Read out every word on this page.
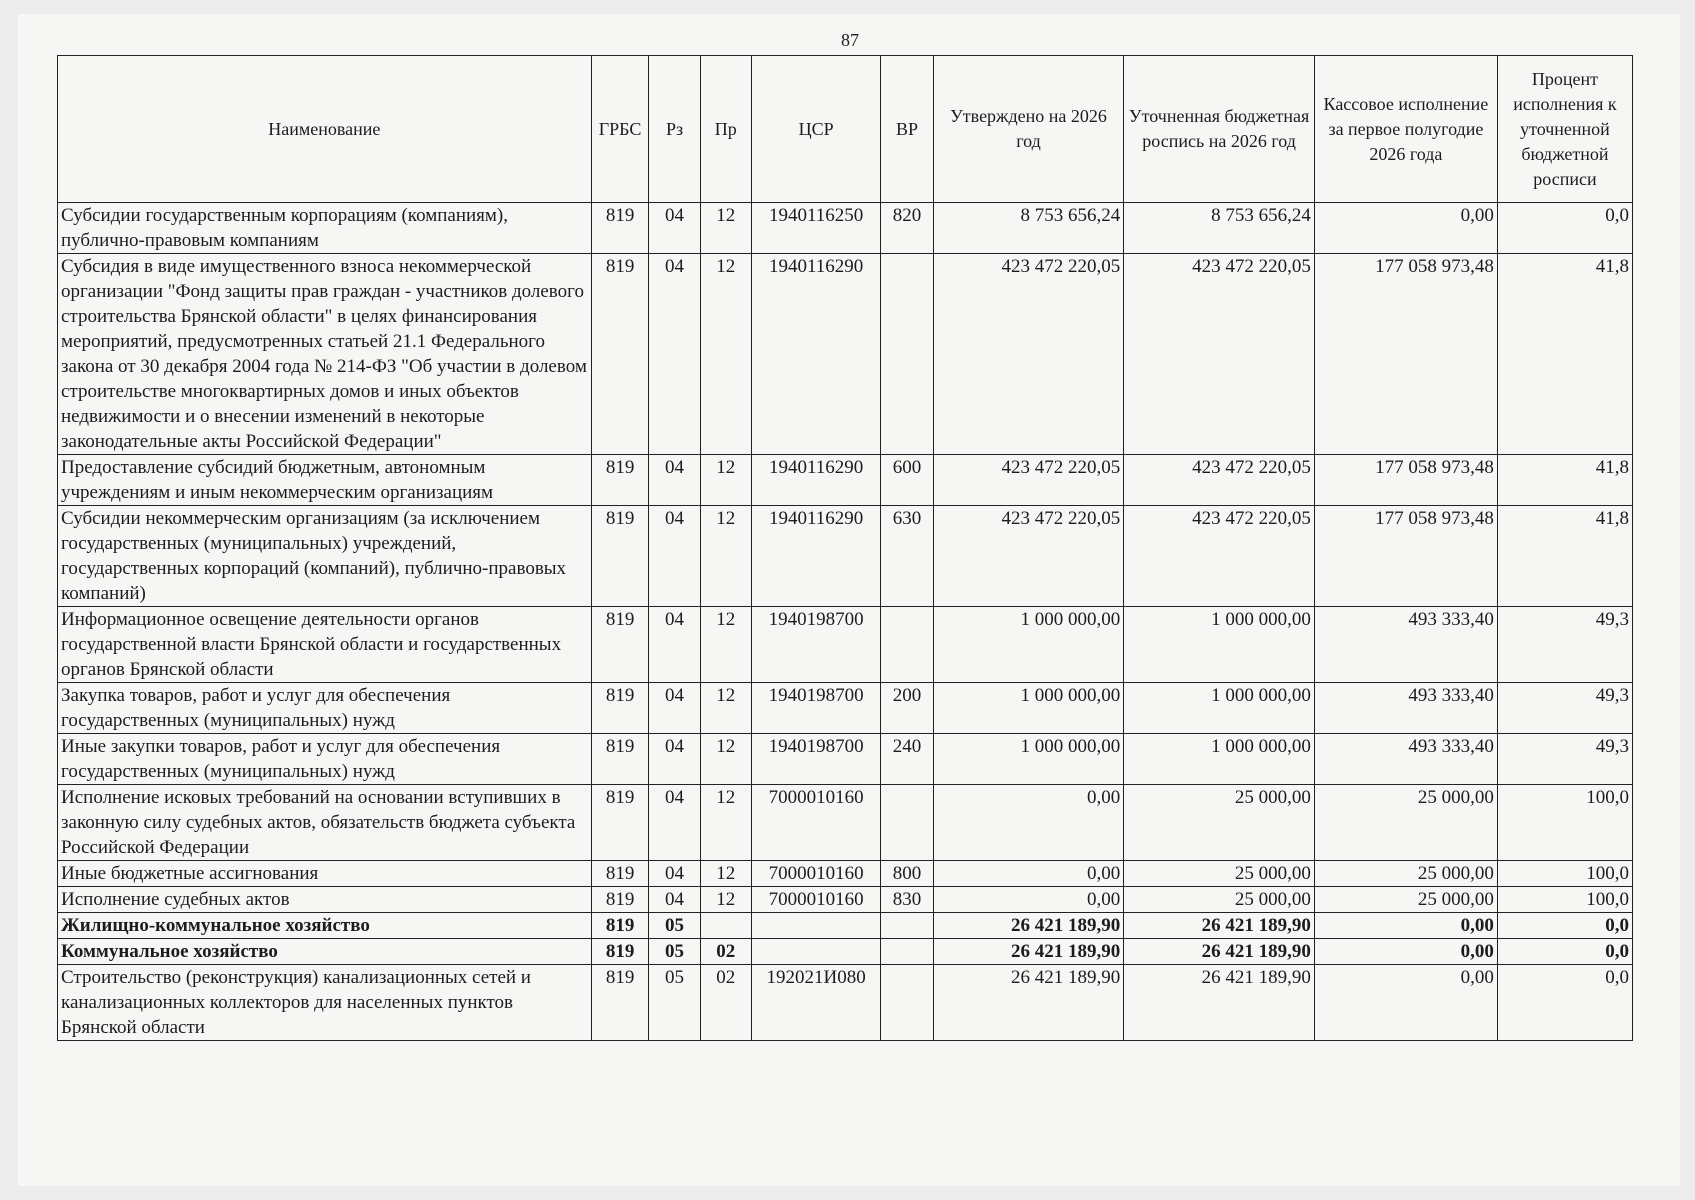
87
Наименование	ГРБС	Рз	Пр	ЦСР	ВР	Утверждено на 2026 год	Уточненная бюджетная роспись на 2026 год	Кассовое исполнение за первое полугодие 2026 года	Процент исполнения к уточненной бюджетной росписи
Субсидии государственным корпорациям (компаниям), публично-правовым компаниям	819	04	12	1940116250	820	8 753 656,24	8 753 656,24	0,00	0,0
Субсидия в виде имущественного взноса некоммерческой организации "Фонд защиты прав граждан - участников долевого строительства Брянской области" в целях финансирования мероприятий, предусмотренных статьей 21.1 Федерального закона от 30 декабря 2004 года № 214-ФЗ "Об участии в долевом строительстве многоквартирных домов и иных объектов недвижимости и о внесении изменений в некоторые законодательные акты Российской Федерации"	819	04	12	1940116290		423 472 220,05	423 472 220,05	177 058 973,48	41,8
Предоставление субсидий бюджетным, автономным учреждениям и иным некоммерческим организациям	819	04	12	1940116290	600	423 472 220,05	423 472 220,05	177 058 973,48	41,8
Субсидии некоммерческим организациям (за исключением государственных (муниципальных) учреждений, государственных корпораций (компаний), публично-правовых компаний)	819	04	12	1940116290	630	423 472 220,05	423 472 220,05	177 058 973,48	41,8
Информационное освещение деятельности органов государственной власти Брянской области и государственных органов Брянской области	819	04	12	1940198700		1 000 000,00	1 000 000,00	493 333,40	49,3
Закупка товаров, работ и услуг для обеспечения государственных (муниципальных) нужд	819	04	12	1940198700	200	1 000 000,00	1 000 000,00	493 333,40	49,3
Иные закупки товаров, работ и услуг для обеспечения государственных (муниципальных) нужд	819	04	12	1940198700	240	1 000 000,00	1 000 000,00	493 333,40	49,3
Исполнение исковых требований на основании вступивших в законную силу судебных актов, обязательств бюджета субъекта Российской Федерации	819	04	12	7000010160		0,00	25 000,00	25 000,00	100,0
Иные бюджетные ассигнования	819	04	12	7000010160	800	0,00	25 000,00	25 000,00	100,0
Исполнение судебных актов	819	04	12	7000010160	830	0,00	25 000,00	25 000,00	100,0
Жилищно-коммунальное хозяйство	819	05				26 421 189,90	26 421 189,90	0,00	0,0
Коммунальное хозяйство	819	05	02			26 421 189,90	26 421 189,90	0,00	0,0
Строительство (реконструкция) канализационных сетей и канализационных коллекторов для населенных пунктов Брянской области	819	05	02	192021И080		26 421 189,90	26 421 189,90	0,00	0,0
